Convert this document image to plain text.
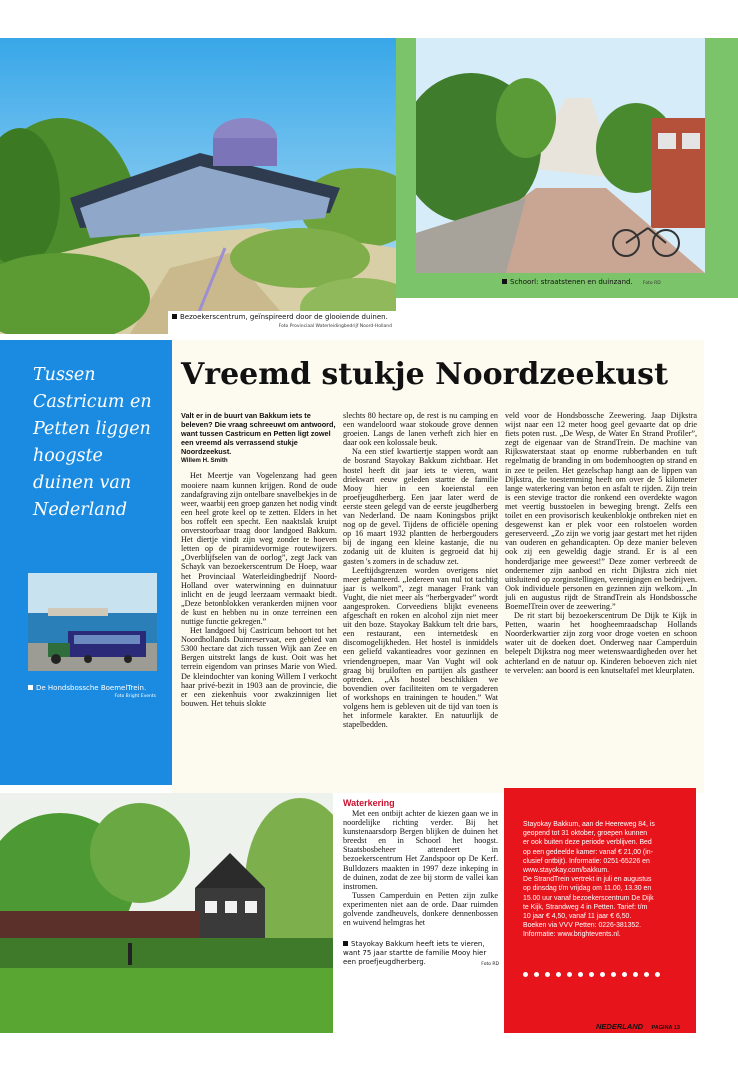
Bezoekerscentrum, geïnspireerd door de glooiende duinen.
Foto Provinciaal Waterleidingbedrijf Noord-Holland
Schoorl: straatstenen en duinzand. Foto RD
Tussen
Castricum en
Petten liggen
hoogste
duinen van
Nederland
De Hondsbossche BoemelTrein.
Foto Bright Events
Vreemd stukje Noordzeekust

Valt er in de buurt van Bakkum iets te beleven? Die vraag schreeuwt om antwoord, want tussen Castricum en Petten ligt zowel een vreemd als verrassend stukje Noordzeekust.

Willem H. Smith

Het Meertje van Vogelenzang had geen mooiere naam kunnen krijgen. Rond de oude zandafgraving zijn ontelbare snavelbekjes in de weer, waarbij een groep ganzen het nodig vindt een heel grote keel op te zetten. Elders in het bos roffelt een specht. Een naaktslak kruipt onverstoorbaar traag door landgoed Bakkum. Het diertje vindt zijn weg zonder te hoeven letten op de piramidevormige routewijzers. „Overblijfselen van de oorlog”, zegt Jack van Schayk van bezoekerscentrum De Hoep, waar het Provinciaal Waterleidingbedrijf Noord-Holland over waterwinning en duinnatuur inlicht en de jeugd leerzaam vermaakt biedt. „Deze betonblokken verankerden mijnen voor de kust en hebben nu in onze terreinen een nuttige functie gekregen.”

Het landgoed bij Castricum behoort tot het Noordhollands Duinreservaat, een gebied van 5300 hectare dat zich tussen Wijk aan Zee en Bergen uitstrekt langs de kust. Ooit was het terrein eigendom van prinses Marie von Wied. De kleindochter van koning Willem I verkocht haar privé-bezit in 1903 aan de provincie, die er een ziekenhuis voor zwakzinnigen liet bouwen. Het tehuis slokte

slechts 80 hectare op, de rest is nu camping en een wandeloord waar stokoude grove dennen groeien. Langs de lanen verheft zich hier en daar ook een kolossale beuk.

Na een stief kwartiertje stappen wordt aan de bosrand Stayokay Bakkum zichtbaar. Het hostel heeft dit jaar iets te vieren, want driekwart eeuw geleden startte de familie Mooy hier in een koeienstal een proefjeugdherberg. Een jaar later werd de eerste steen gelegd van de eerste jeugdherberg van Nederland. De naam Koningsbos prijkt nog op de gevel. Tijdens de officiële opening op 16 maart 1932 plantten de herbergouders bij de ingang een kleine kastanje, die nu zodanig uit de kluiten is gegroeid dat hij gasten 's zomers in de schaduw zet.

Leeftijdsgrenzen worden overigens niet meer gehanteerd. „Iedereen van nul tot tachtig jaar is welkom”, zegt manager Frank van Vught, die niet meer als “herbergvader” wordt aangesproken. Corveediens blijkt eveneens afgeschaft en roken en alcohol zijn niet meer uit den boze. Stayokay Bakkum telt drie bars, een restaurant, een internetdesk en discomogelijkheden. Het hostel is inmiddels een geliefd vakantieadres voor gezinnen en vriendengroepen, maar Van Vught wil ook graag bij bruiloften en partijen als gastheer optreden. „Als hostel beschikken we bovendien over faciliteiten om te vergaderen of workshops en trainingen te houden.” Wat volgens hem is gebleven uit de tijd van toen is het informele karakter. En natuurlijk de stapelbedden.

veld voor de Hondsbossche Zeewering. Jaap Dijkstra wijst naar een 12 meter hoog geel gevaarte dat op drie fiets poten rust. „De Wesp, de Water En Strand Profiler”, zegt de eigenaar van de StrandTrein. De machine van Rijkswaterstaat staat op enorme rubberbanden en tuft regelmatig de branding in om bodemhoogten op strand en in zee te peilen. Het gezelschap hangt aan de lippen van Dijkstra, die toestemming heeft om over de 5 kilometer lange waterkering van beton en asfalt te rijden. Zijn trein is een stevige tractor die ronkend een overdekte wagon met veertig busstoelen in beweging brengt. Zelfs een toilet en een provisorisch keukenblokje ontbreken niet en desgewenst kan er plek voor een rolstoelen worden gereserveerd. „Zo zijn we vorig jaar gestart met het rijden van ouderen en gehandicapten. Op deze manier beleven ook zij een geweldig dagje strand. Er is al een honderdjarige mee geweest!” Deze zomer verbreedt de ondernemer zijn aanbod en richt Dijkstra zich niet uitsluitend op zorginstellingen, verenigingen en bedrijven. Ook individuele personen en gezinnen zijn welkom. „In juli en augustus rijdt de StrandTrein als Hondsbossche BoemelTrein over de zeewering.”

De rit start bij bezoekerscentrum De Dijk te Kijk in Petten, waarin het hoogheemraadschap Hollands Noorderkwartier zijn zorg voor droge voeten en schoon water uit de doeken doet. Onderweg naar Camperduin belepelt Dijkstra nog meer wetenswaardigheden over het achterland en de natuur op. Kinderen beboeven zich niet te vervelen: aan boord is een knutseltafel met kleurplaten.

Waterkering

Met een ontbijt achter de kiezen gaan we in noordelijke richting verder. Bij het kunstenaarsdorp Bergen blijken de duinen het breedst en in Schoorl het hoogst. Staatsbosbeheer attendeert in bezoekerscentrum Het Zandspoor op De Kerf. Bulldozers maakten in 1997 deze inkeping in de duinen, zodat de zee bij storm de vallei kan instromen.

Tussen Camperduin en Petten zijn zulke experimenten niet aan de orde. Daar ruimden golvende zandheuvels, donkere dennenbossen en wuivend helmgras het

Stayokay Bakkum heeft iets te vieren, want 75 jaar startte de familie Mooy hier een proefjeugdherberg.	Foto RD
Stayokay Bakkum, aan de Heereweg 84, is
geopend tot 31 oktober, groepen kunnen
er ook buiten deze periode verblijven. Bed
op een gedeelde kamer: vanaf € 21,00 (in-
clusief ontbijt). Informatie: 0251-65226 en
www.stayokay.com/bakkum.
De StrandTrein vertrekt in juli en augustus
op dinsdag t/m vrijdag om 11.00, 13.30 en
15.00 uur vanaf bezoekerscentrum De Dijk
te Kijk, Strandweg 4 in Petten. Tarief: t/m
10 jaar € 4,50, vanaf 11 jaar € 6,50.
Boeken via VVV Petten: 0226-381352.
Informatie: www.brightevents.nl.
NEDERLAND PAGINA 13
